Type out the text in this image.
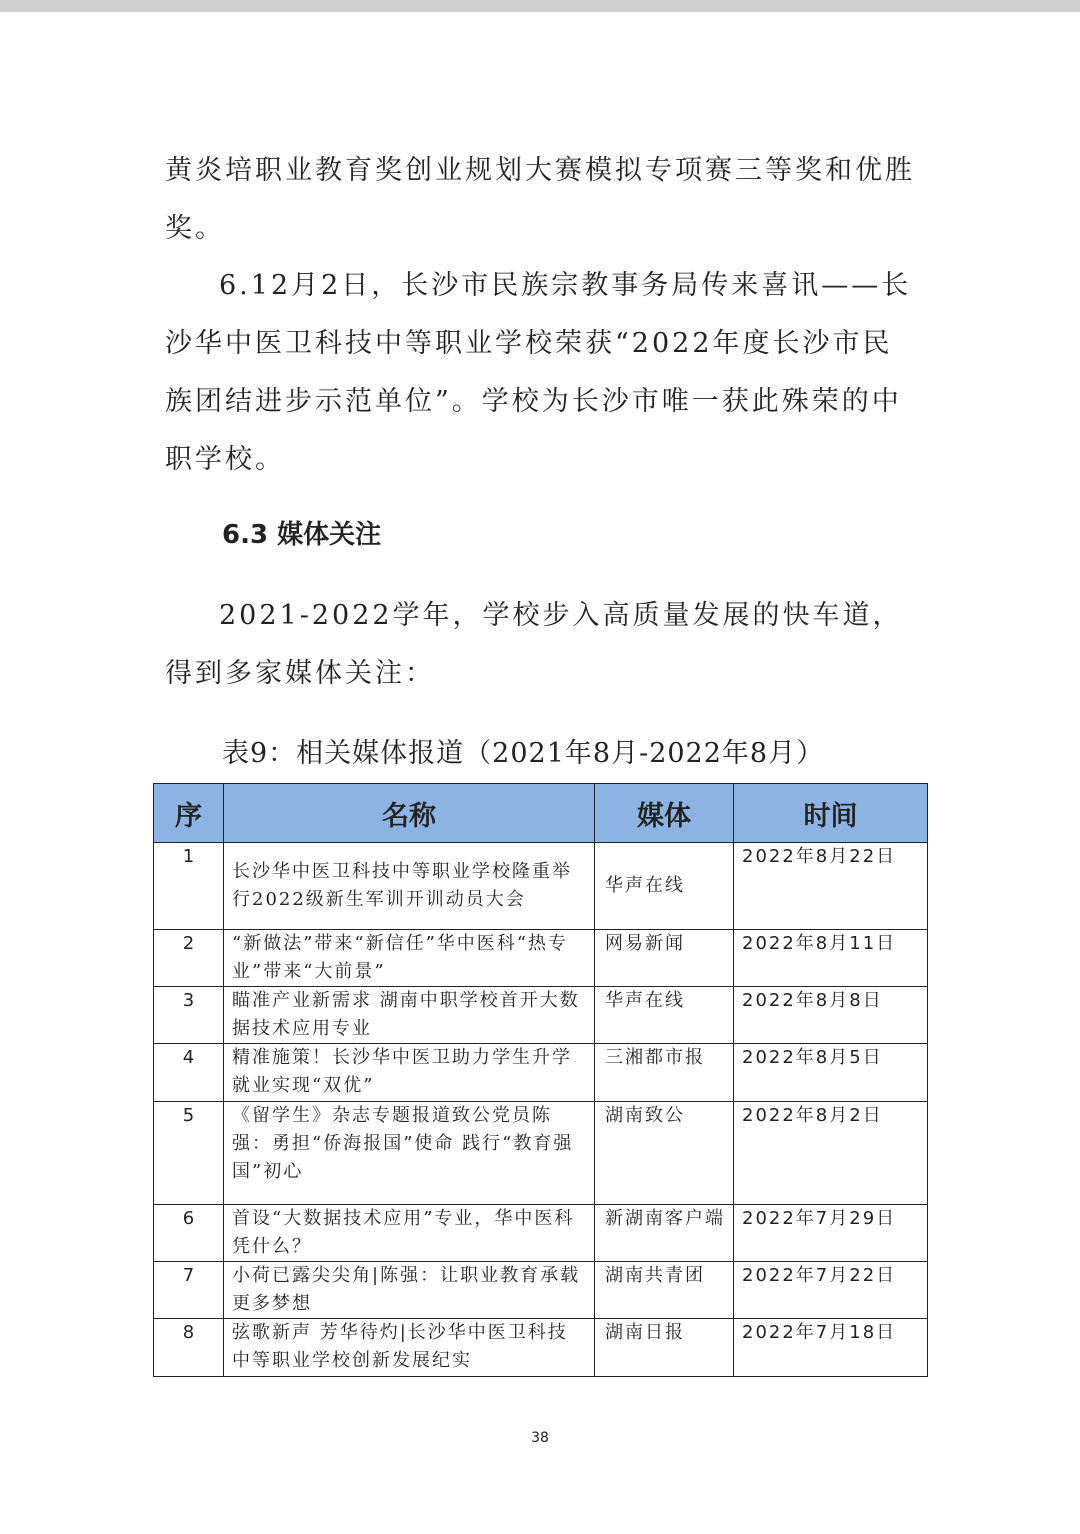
黄炎培职业教育奖创业规划大赛模拟专项赛三等奖和优胜奖。
6.12月2日，长沙市民族宗教事务局传来喜讯——长沙华中医卫科技中等职业学校荣获“2022年度长沙市民族团结进步示范单位”。学校为长沙市唯一获此殊荣的中职学校。
6.3 媒体关注
2021-2022学年，学校步入高质量发展的快车道，得到多家媒体关注：
表9：相关媒体报道（2021年8月-2022年8月）
序	名称	媒体	时间
1	长沙华中医卫科技中等职业学校隆重举行2022级新生军训开训动员大会	华声在线	2022年8月22日
2	“新做法”带来“新信任”华中医科“热专业”带来“大前景”	网易新闻	2022年8月11日
3	瞄准产业新需求 湖南中职学校首开大数据技术应用专业	华声在线	2022年8月8日
4	精准施策！长沙华中医卫助力学生升学就业实现“双优”	三湘都市报	2022年8月5日
5	《留学生》杂志专题报道致公党员陈强：勇担“侨海报国”使命 践行“教育强国”初心	湖南致公	2022年8月2日
6	首设“大数据技术应用”专业，华中医科凭什么？	新湖南客户端	2022年7月29日
7	小荷已露尖尖角|陈强：让职业教育承载更多梦想	湖南共青团	2022年7月22日
8	弦歌新声 芳华待灼|长沙华中医卫科技中等职业学校创新发展纪实	湖南日报	2022年7月18日
38
